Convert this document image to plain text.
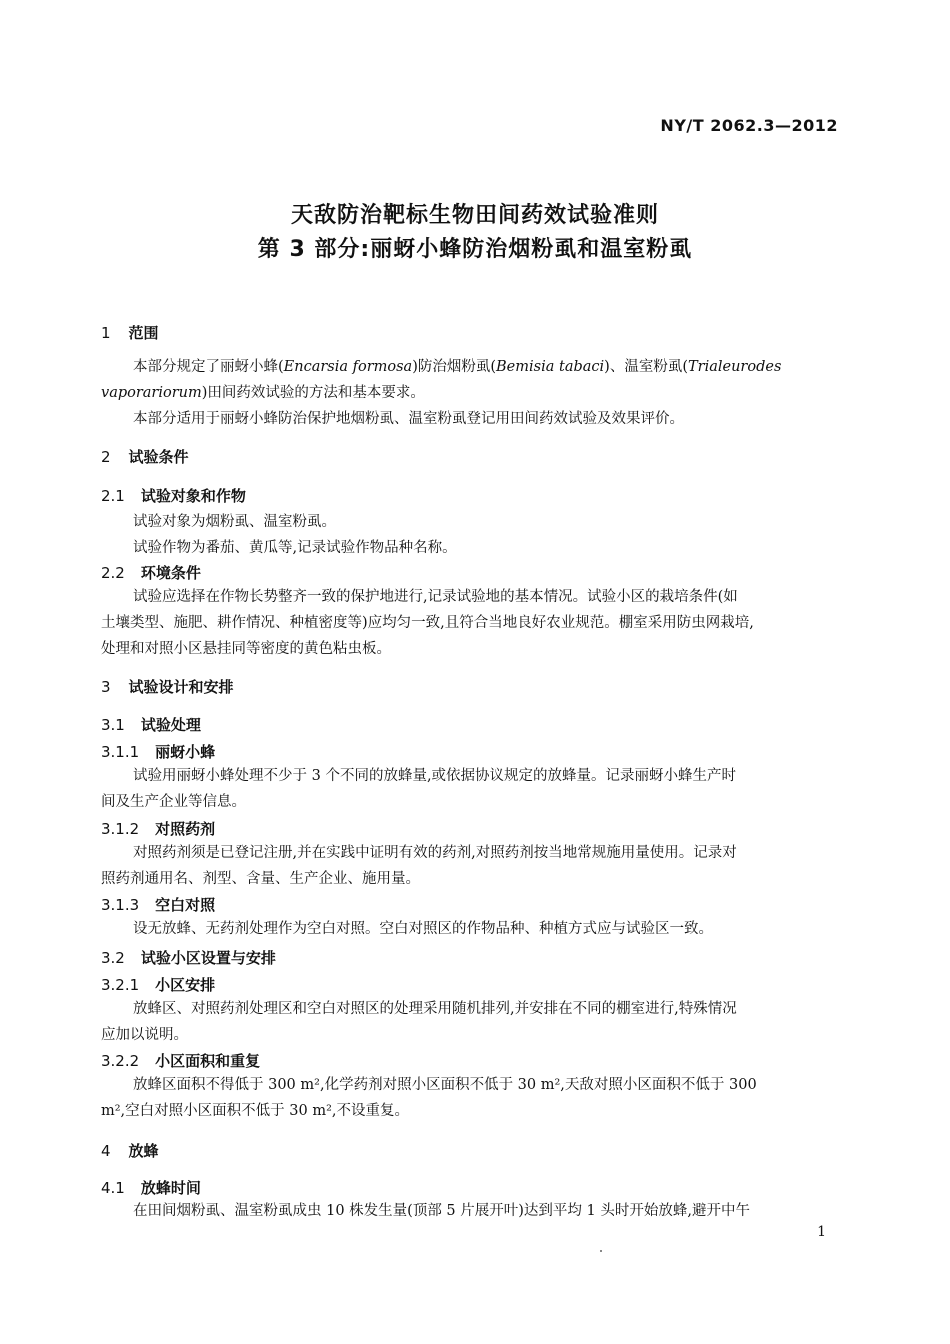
NY/T 2062.3—2012
天敌防治靶标生物田间药效试验准则
第 3 部分:丽蚜小蜂防治烟粉虱和温室粉虱
1 范围
本部分规定了丽蚜小蜂(Encarsia formosa)防治烟粉虱(Bemisia tabaci)、温室粉虱(Trialeurodes
vaporariorum)田间药效试验的方法和基本要求。
本部分适用于丽蚜小蜂防治保护地烟粉虱、温室粉虱登记用田间药效试验及效果评价。
2 试验条件
2.1 试验对象和作物
试验对象为烟粉虱、温室粉虱。
试验作物为番茄、黄瓜等,记录试验作物品种名称。
2.2 环境条件
试验应选择在作物长势整齐一致的保护地进行,记录试验地的基本情况。试验小区的栽培条件(如
土壤类型、施肥、耕作情况、种植密度等)应均匀一致,且符合当地良好农业规范。棚室采用防虫网栽培,
处理和对照小区悬挂同等密度的黄色粘虫板。
3 试验设计和安排
3.1 试验处理
3.1.1 丽蚜小蜂
试验用丽蚜小蜂处理不少于 3 个不同的放蜂量,或依据协议规定的放蜂量。记录丽蚜小蜂生产时
间及生产企业等信息。
3.1.2 对照药剂
对照药剂须是已登记注册,并在实践中证明有效的药剂,对照药剂按当地常规施用量使用。记录对
照药剂通用名、剂型、含量、生产企业、施用量。
3.1.3 空白对照
设无放蜂、无药剂处理作为空白对照。空白对照区的作物品种、种植方式应与试验区一致。
3.2 试验小区设置与安排
3.2.1 小区安排
放蜂区、对照药剂处理区和空白对照区的处理采用随机排列,并安排在不同的棚室进行,特殊情况
应加以说明。
3.2.2 小区面积和重复
放蜂区面积不得低于 300 m²,化学药剂对照小区面积不低于 30 m²,天敌对照小区面积不低于 300
m²,空白对照小区面积不低于 30 m²,不设重复。
4 放蜂
4.1 放蜂时间
在田间烟粉虱、温室粉虱成虫 10 株发生量(顶部 5 片展开叶)达到平均 1 头时开始放蜂,避开中午
1
